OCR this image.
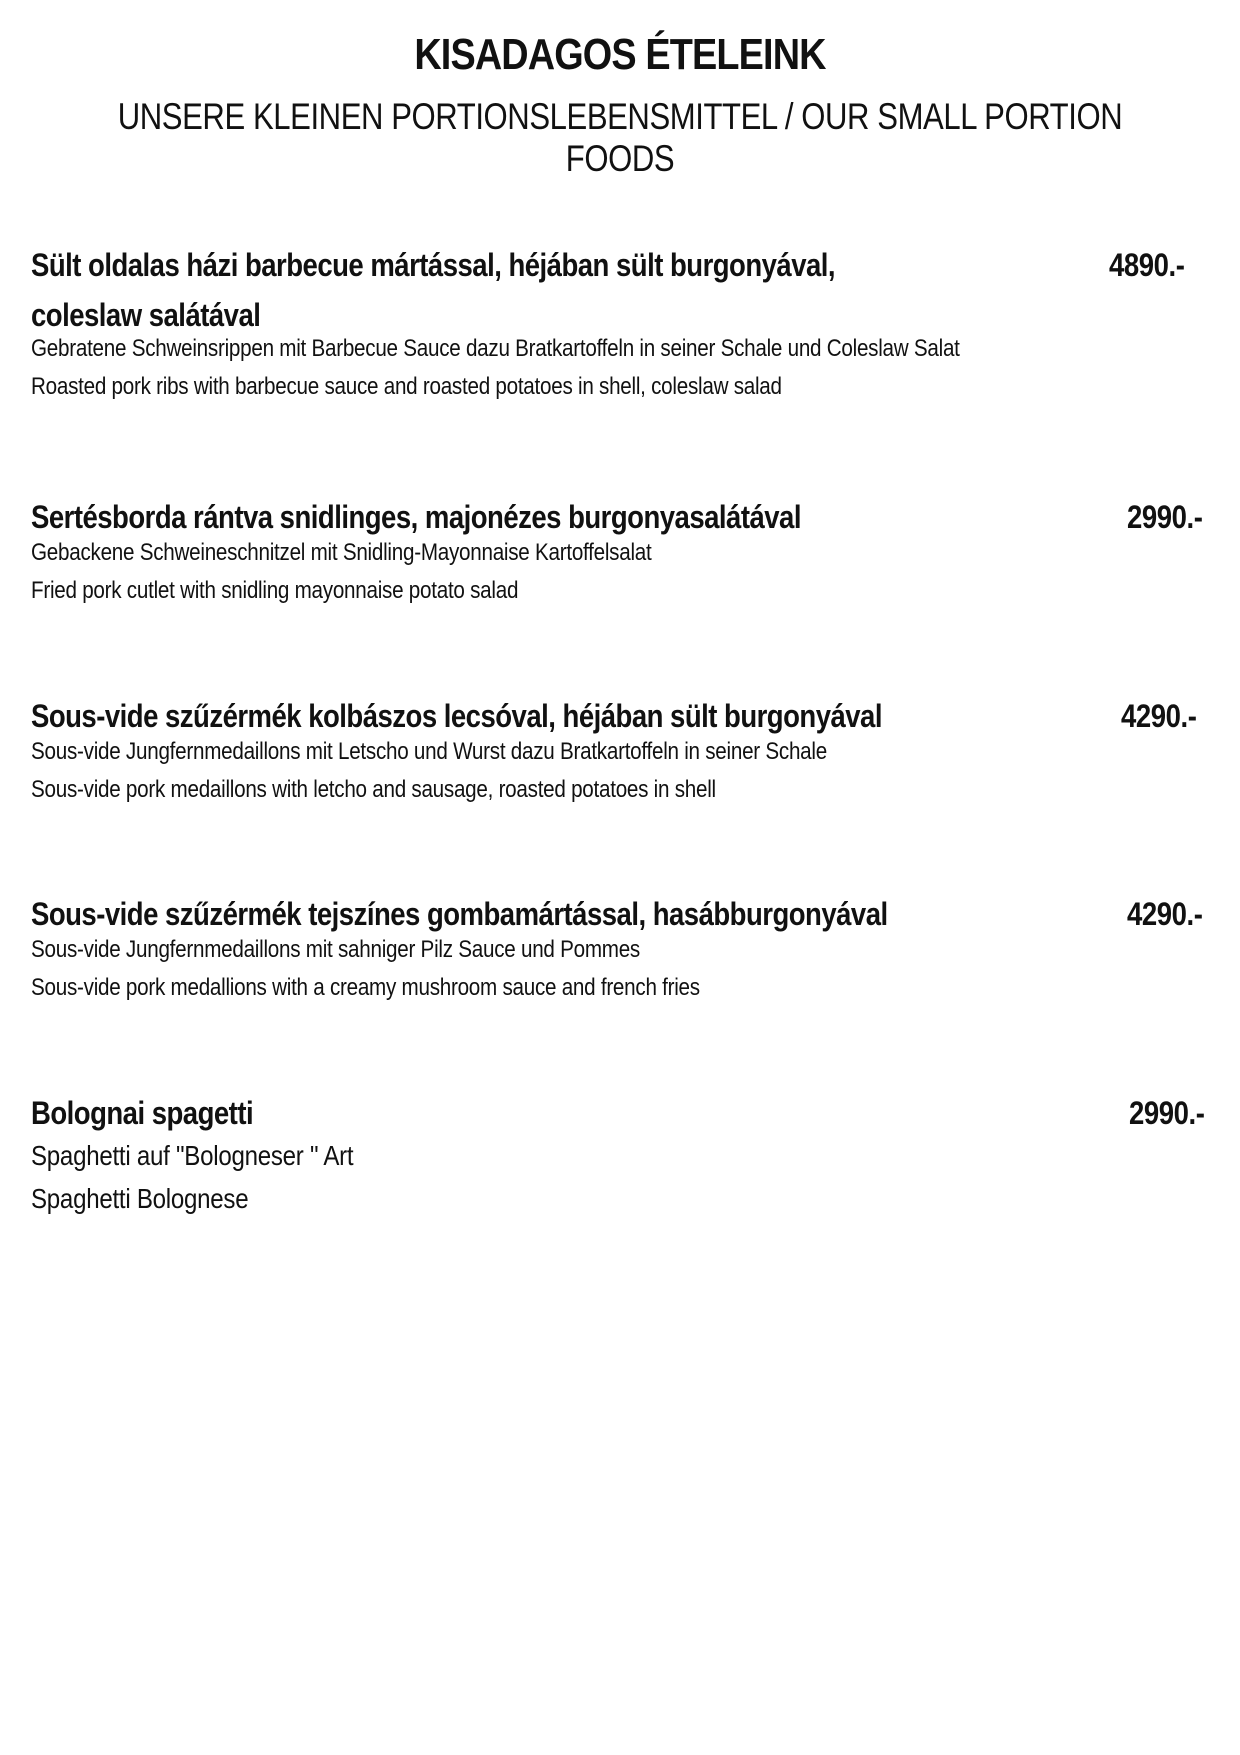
KISADAGOS ÉTELEINK
UNSERE KLEINEN PORTIONSLEBENSMITTEL / OUR SMALL PORTION FOODS
Sült oldalas házi barbecue mártással, héjában sült burgonyával,
coleslaw salátával
4890.-
Gebratene Schweinsrippen mit Barbecue Sauce dazu Bratkartoffeln in seiner Schale und Coleslaw Salat
Roasted pork ribs with barbecue sauce and roasted potatoes in shell, coleslaw salad
Sertésborda rántva snidlinges, majonézes burgonyasalátával	2990.-
Gebackene Schweineschnitzel mit Snidling-Mayonnaise Kartoffelsalat
Fried pork cutlet with snidling mayonnaise potato salad
Sous-vide szűzérmék kolbászos lecsóval, héjában sült burgonyával	4290.-
Sous-vide Jungfernmedaillons mit Letscho und Wurst dazu Bratkartoffeln in seiner Schale
Sous-vide pork medaillons with letcho and sausage, roasted potatoes in shell
Sous-vide szűzérmék tejszínes gombamártással, hasábburgonyával	4290.-
Sous-vide Jungfernmedaillons mit sahniger Pilz Sauce und Pommes
Sous-vide pork medallions with a creamy mushroom sauce and french fries
Bolognai spagetti	2990.-
Spaghetti auf "Bologneser " Art
Spaghetti Bolognese
